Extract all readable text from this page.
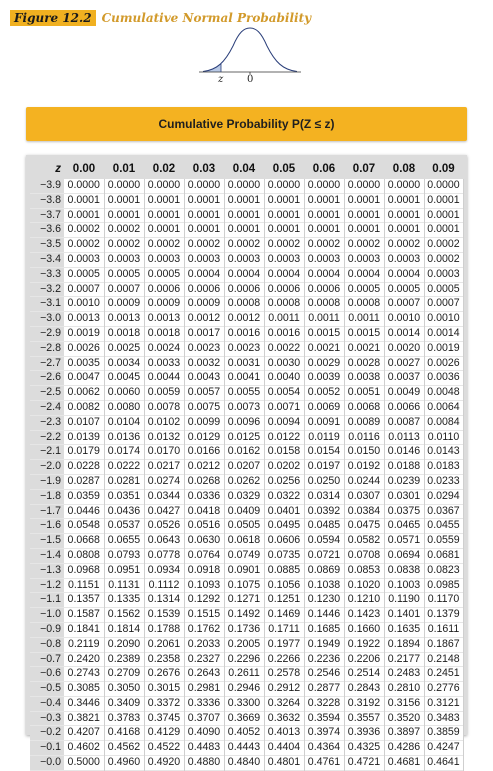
Figure 12.2 Cumulative Normal Probability
z 0
Cumulative Probability P(Z ≤ z)
z	0.00	0.01	0.02	0.03	0.04	0.05	0.06	0.07	0.08	0.09
−3.9	0.0000	0.0000	0.0000	0.0000	0.0000	0.0000	0.0000	0.0000	0.0000	0.0000
−3.8	0.0001	0.0001	0.0001	0.0001	0.0001	0.0001	0.0001	0.0001	0.0001	0.0001
−3.7	0.0001	0.0001	0.0001	0.0001	0.0001	0.0001	0.0001	0.0001	0.0001	0.0001
−3.6	0.0002	0.0002	0.0001	0.0001	0.0001	0.0001	0.0001	0.0001	0.0001	0.0001
−3.5	0.0002	0.0002	0.0002	0.0002	0.0002	0.0002	0.0002	0.0002	0.0002	0.0002
−3.4	0.0003	0.0003	0.0003	0.0003	0.0003	0.0003	0.0003	0.0003	0.0003	0.0002
−3.3	0.0005	0.0005	0.0005	0.0004	0.0004	0.0004	0.0004	0.0004	0.0004	0.0003
−3.2	0.0007	0.0007	0.0006	0.0006	0.0006	0.0006	0.0006	0.0005	0.0005	0.0005
−3.1	0.0010	0.0009	0.0009	0.0009	0.0008	0.0008	0.0008	0.0008	0.0007	0.0007
−3.0	0.0013	0.0013	0.0013	0.0012	0.0012	0.0011	0.0011	0.0011	0.0010	0.0010
−2.9	0.0019	0.0018	0.0018	0.0017	0.0016	0.0016	0.0015	0.0015	0.0014	0.0014
−2.8	0.0026	0.0025	0.0024	0.0023	0.0023	0.0022	0.0021	0.0021	0.0020	0.0019
−2.7	0.0035	0.0034	0.0033	0.0032	0.0031	0.0030	0.0029	0.0028	0.0027	0.0026
−2.6	0.0047	0.0045	0.0044	0.0043	0.0041	0.0040	0.0039	0.0038	0.0037	0.0036
−2.5	0.0062	0.0060	0.0059	0.0057	0.0055	0.0054	0.0052	0.0051	0.0049	0.0048
−2.4	0.0082	0.0080	0.0078	0.0075	0.0073	0.0071	0.0069	0.0068	0.0066	0.0064
−2.3	0.0107	0.0104	0.0102	0.0099	0.0096	0.0094	0.0091	0.0089	0.0087	0.0084
−2.2	0.0139	0.0136	0.0132	0.0129	0.0125	0.0122	0.0119	0.0116	0.0113	0.0110
−2.1	0.0179	0.0174	0.0170	0.0166	0.0162	0.0158	0.0154	0.0150	0.0146	0.0143
−2.0	0.0228	0.0222	0.0217	0.0212	0.0207	0.0202	0.0197	0.0192	0.0188	0.0183
−1.9	0.0287	0.0281	0.0274	0.0268	0.0262	0.0256	0.0250	0.0244	0.0239	0.0233
−1.8	0.0359	0.0351	0.0344	0.0336	0.0329	0.0322	0.0314	0.0307	0.0301	0.0294
−1.7	0.0446	0.0436	0.0427	0.0418	0.0409	0.0401	0.0392	0.0384	0.0375	0.0367
−1.6	0.0548	0.0537	0.0526	0.0516	0.0505	0.0495	0.0485	0.0475	0.0465	0.0455
−1.5	0.0668	0.0655	0.0643	0.0630	0.0618	0.0606	0.0594	0.0582	0.0571	0.0559
−1.4	0.0808	0.0793	0.0778	0.0764	0.0749	0.0735	0.0721	0.0708	0.0694	0.0681
−1.3	0.0968	0.0951	0.0934	0.0918	0.0901	0.0885	0.0869	0.0853	0.0838	0.0823
−1.2	0.1151	0.1131	0.1112	0.1093	0.1075	0.1056	0.1038	0.1020	0.1003	0.0985
−1.1	0.1357	0.1335	0.1314	0.1292	0.1271	0.1251	0.1230	0.1210	0.1190	0.1170
−1.0	0.1587	0.1562	0.1539	0.1515	0.1492	0.1469	0.1446	0.1423	0.1401	0.1379
−0.9	0.1841	0.1814	0.1788	0.1762	0.1736	0.1711	0.1685	0.1660	0.1635	0.1611
−0.8	0.2119	0.2090	0.2061	0.2033	0.2005	0.1977	0.1949	0.1922	0.1894	0.1867
−0.7	0.2420	0.2389	0.2358	0.2327	0.2296	0.2266	0.2236	0.2206	0.2177	0.2148
−0.6	0.2743	0.2709	0.2676	0.2643	0.2611	0.2578	0.2546	0.2514	0.2483	0.2451
−0.5	0.3085	0.3050	0.3015	0.2981	0.2946	0.2912	0.2877	0.2843	0.2810	0.2776
−0.4	0.3446	0.3409	0.3372	0.3336	0.3300	0.3264	0.3228	0.3192	0.3156	0.3121
−0.3	0.3821	0.3783	0.3745	0.3707	0.3669	0.3632	0.3594	0.3557	0.3520	0.3483
−0.2	0.4207	0.4168	0.4129	0.4090	0.4052	0.4013	0.3974	0.3936	0.3897	0.3859
−0.1	0.4602	0.4562	0.4522	0.4483	0.4443	0.4404	0.4364	0.4325	0.4286	0.4247
−0.0	0.5000	0.4960	0.4920	0.4880	0.4840	0.4801	0.4761	0.4721	0.4681	0.4641
